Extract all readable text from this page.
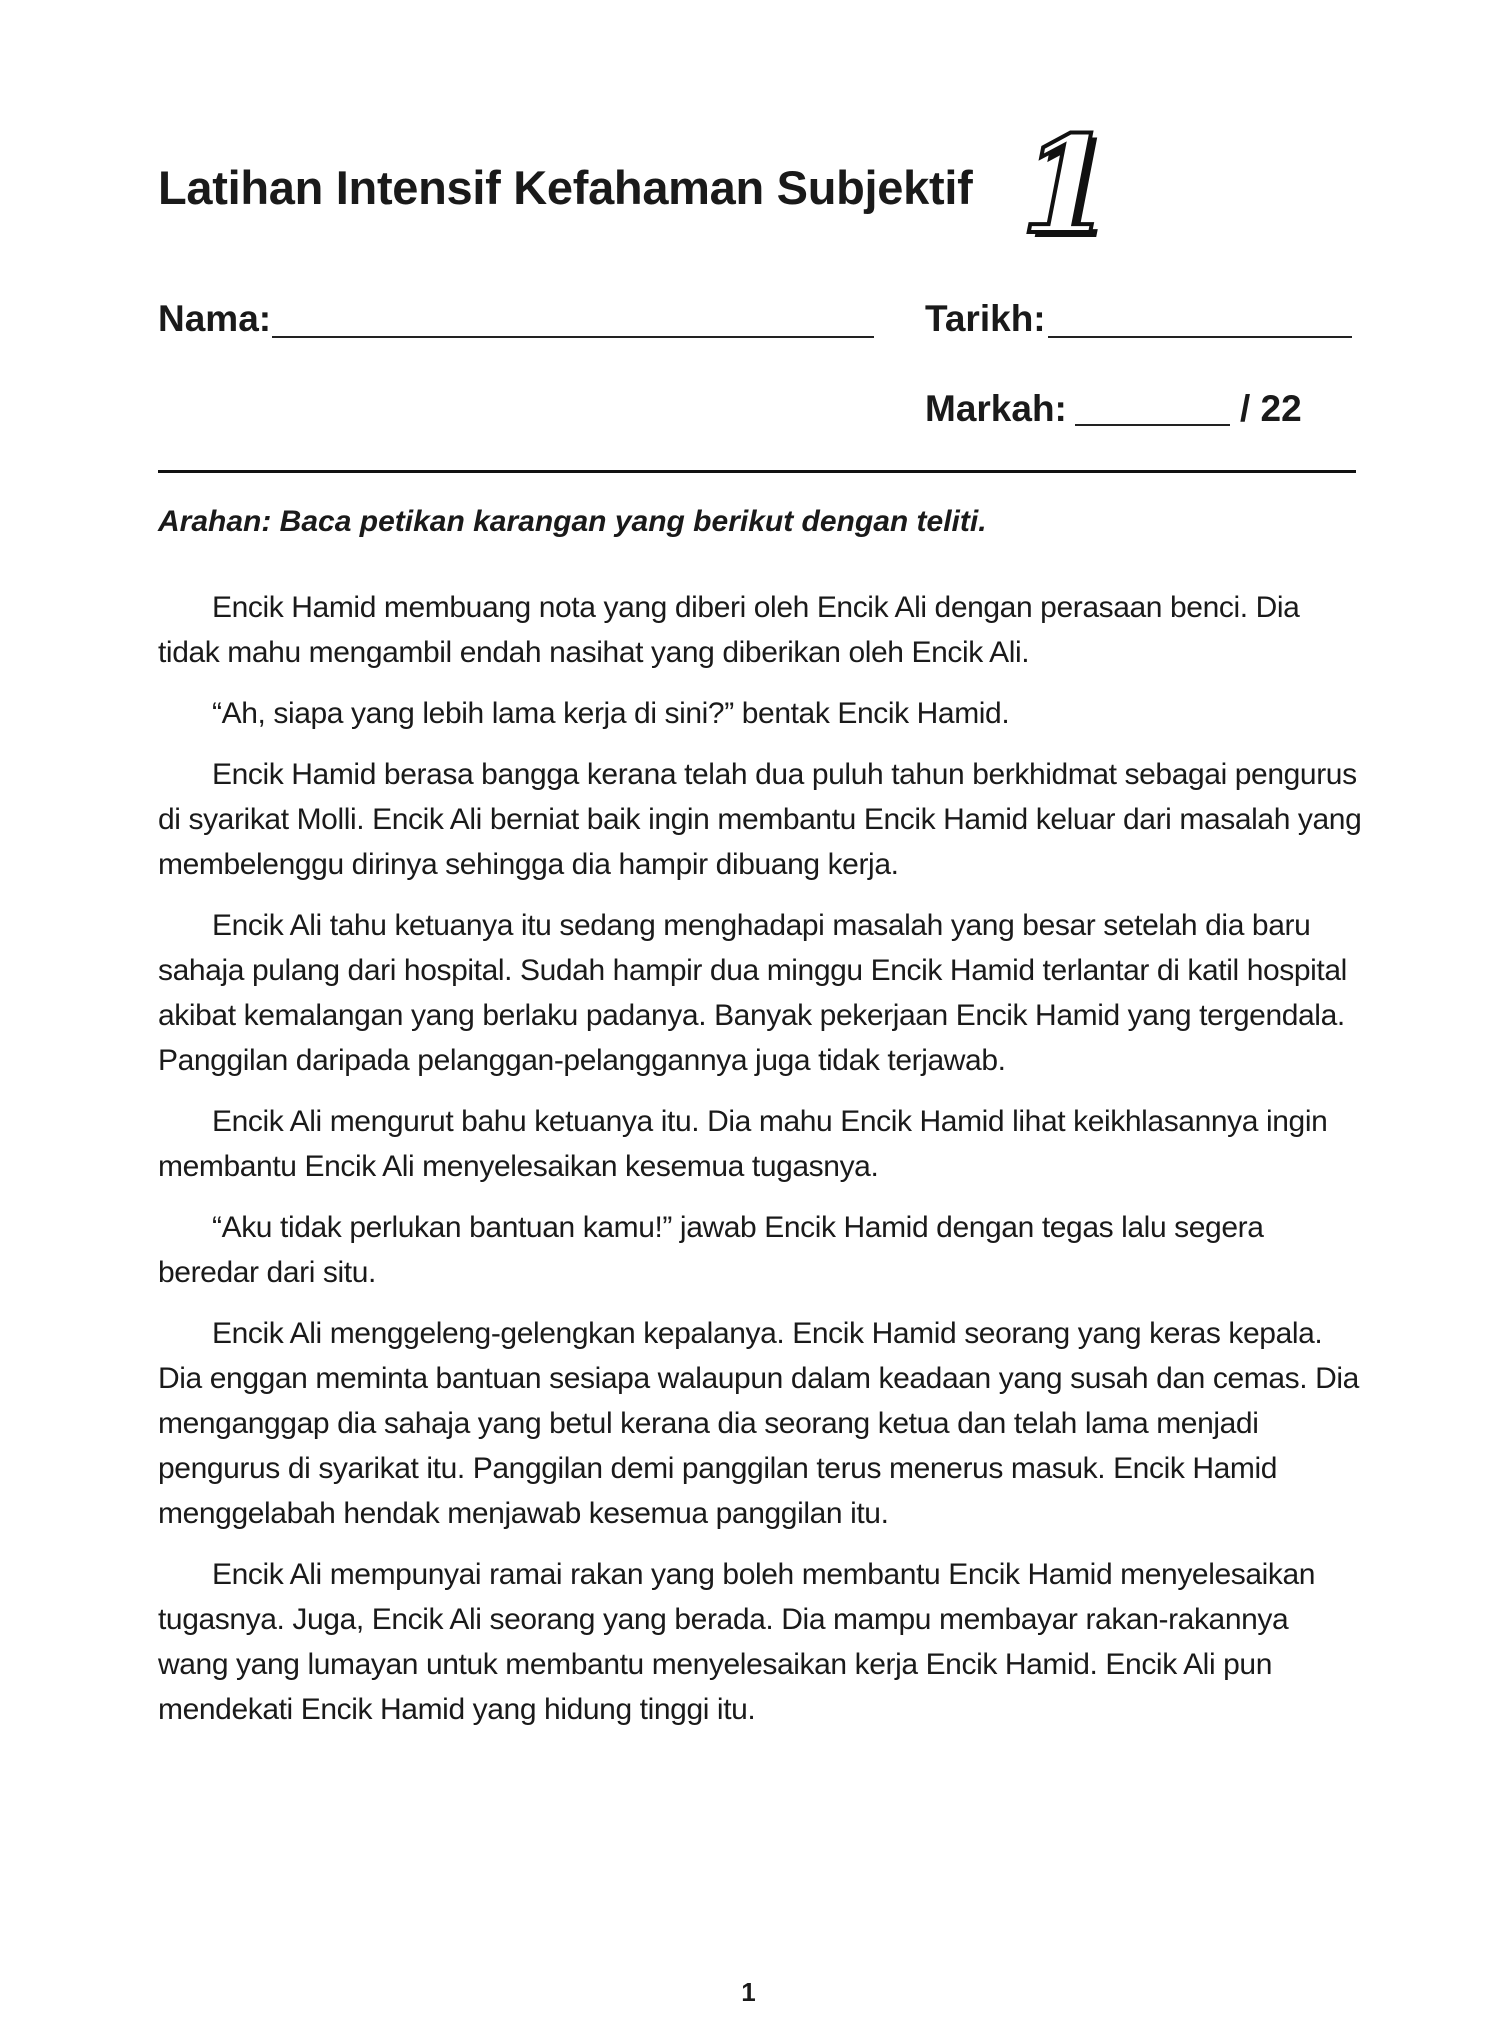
Latihan Intensif Kefahaman Subjektif 1
Nama:	Tarikh:
Markah:	/ 22
Arahan: Baca petikan karangan yang berikut dengan teliti.

Encik Hamid membuang nota yang diberi oleh Encik Ali dengan perasaan benci. Dia tidak mahu mengambil endah nasihat yang diberikan oleh Encik Ali.

“Ah, siapa yang lebih lama kerja di sini?” bentak Encik Hamid.

Encik Hamid berasa bangga kerana telah dua puluh tahun berkhidmat sebagai pengurus di syarikat Molli. Encik Ali berniat baik ingin membantu Encik Hamid keluar dari masalah yang membelenggu dirinya sehingga dia hampir dibuang kerja.

Encik Ali tahu ketuanya itu sedang menghadapi masalah yang besar setelah dia baru sahaja pulang dari hospital. Sudah hampir dua minggu Encik Hamid terlantar di katil hospital akibat kemalangan yang berlaku padanya. Banyak pekerjaan Encik Hamid yang tergendala. Panggilan daripada pelanggan-pelanggannya juga tidak terjawab.

Encik Ali mengurut bahu ketuanya itu. Dia mahu Encik Hamid lihat keikhlasannya ingin membantu Encik Ali menyelesaikan kesemua tugasnya.

“Aku tidak perlukan bantuan kamu!” jawab Encik Hamid dengan tegas lalu segera beredar dari situ.

Encik Ali menggeleng-gelengkan kepalanya. Encik Hamid seorang yang keras kepala. Dia enggan meminta bantuan sesiapa walaupun dalam keadaan yang susah dan cemas. Dia menganggap dia sahaja yang betul kerana dia seorang ketua dan telah lama menjadi pengurus di syarikat itu. Panggilan demi panggilan terus menerus masuk. Encik Hamid menggelabah hendak menjawab kesemua panggilan itu.

Encik Ali mempunyai ramai rakan yang boleh membantu Encik Hamid menyelesaikan tugasnya. Juga, Encik Ali seorang yang berada. Dia mampu membayar rakan-rakannya wang yang lumayan untuk membantu menyelesaikan kerja Encik Hamid. Encik Ali pun mendekati Encik Hamid yang hidung tinggi itu.

1
